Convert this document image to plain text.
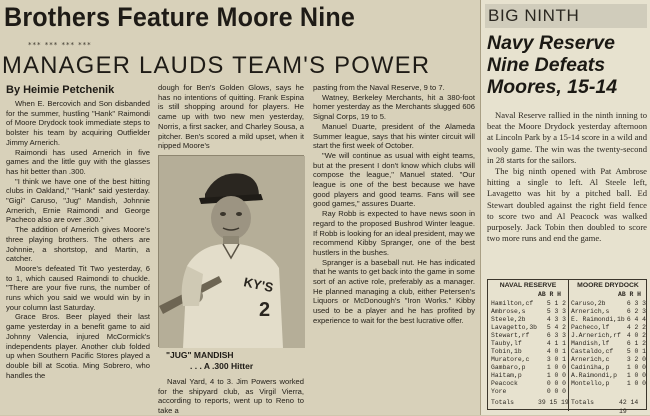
Brothers Feature Moore Nine
*** *** *** ***
MANAGER LAUDS TEAM'S POWER
By Heimie Petchenik

When E. Bercovich and Son disbanded for the summer, hustling "Hank" Raimondi of Moore Drydock took immediate steps to bolster his team by acquiring Outfielder Jimmy Arnerich.

Raimondi has used Arnerich in five games and the little guy with the glasses has hit better than .300.

"I think we have one of the best hitting clubs in Oakland," "Hank" said yesterday. "Gigi" Caruso, "Jug" Mandish, Johnnie Arnerich, Ernie Raimondi and George Pacheco also are over .300."

The addition of Arnerich gives Moore's three playing brothers. The others are Johnnie, a shortstop, and Martin, a catcher.

Moore's defeated Tit Two yesterday, 6 to 1, which caused Raimondi to chuckle. "There are your five runs, the number of runs which you said we would win by in your column last Saturday.

Grace Bros. Beer played their last game yesterday in a benefit game to aid Johnny Valencia, injured McCormick's independents player. Another club folded up when Southern Pacific Stores played a double bill at Scotia. Ming Sobrero, who handles the

dough for Ben's Golden Glows, says he has no intentions of quitting. Frank Espina is still shopping around for players. He came up with two new men yesterday, Norris, a first sacker, and Charley Sousa, a pitcher. Ben's scored a mild upset, when it nipped Moore's

KY'S
2
"JUG" MANDISH
. . . A .300 Hitter

Naval Yard, 4 to 3. Jim Powers worked for the shipyard club, as Virgil Vierra, according to reports, went up to Reno to take a

pasting from the Naval Reserve, 9 to 7.

Watney, Berkeley Merchants, hit a 380-foot homer yesterday as the Merchants slugged 606 Signal Corps, 19 to 5.

Manuel Duarte, president of the Alameda Summer league, says that his winter circuit will start the first week of October.

"We will continue as usual with eight teams, but at the present I don't know which clubs will compose the league," Manuel stated. "Our league is one of the best because we have good players and good teams. Fans will see good games," assures Duarte.

Ray Robb is expected to have news soon in regard to the proposed Bushrod Winter league. If Robb is looking for an ideal president, may we recommend Kibby Spranger, one of the best hustlers in the bushes.

Spranger is a baseball nut. He has indicated that he wants to get back into the game in some sort of an active role, preferably as a manager. He planned managing a club, either Petersen's Liquors or McDonough's "Iron Works." Kibby used to be a player and he has profited by experience to wait for the best lucrative offer.

BIG NINTH
Navy Reserve
Nine Defeats
Moores, 15-14

Naval Reserve rallied in the ninth inning to beat the Moore Drydock yesterday afternoon at Lincoln Park by a 15-14 score in a wild and wooly game. The win was the twenty-second in 28 starts for the sailors.

The big ninth opened with Pat Ambrose hitting a single to left. Al Steele left, Lavagetto was hit by a pitched ball. Ed Stewart doubled against the right field fence to score two and Al Peacock was walked purposely. Jack Tobin then doubled to score two more runs and end the game.

NAVAL RESERVE	MOORE DRYDOCK
AB R H	AB R H
Hamilton,cf 5 1 2
Ambrose,s	5 3 3
Steele,2b	4 3 3
Lavagetto,3b 5 4 2
Stewart,rf	6 3 3
Tauby,lf	4 1 1
Tobin,1b	4 0 1
Muratore,c	3 0 1
Gambaro,p	1 0 0
Haitam,p	1 0 0
Peacock	0 0 0
Yore	0 0 0
Caruso,2b	6 3 3
Arnerich,s	6 2 3
E. Raimondi,1b 6 4 4
Pacheco,lf	4 2 2
J.Arnerich,rf 4 0 2
Mandish,lf	6 1 2
Castaldo,cf 5 0 1
Arnerich,c	3 2 0
Cadiniha,p	1 0 0
A.Raimondi,p 1 0 0
Montello,p	1 0 0
Totals	39 15 19 Totals	42 14 19
